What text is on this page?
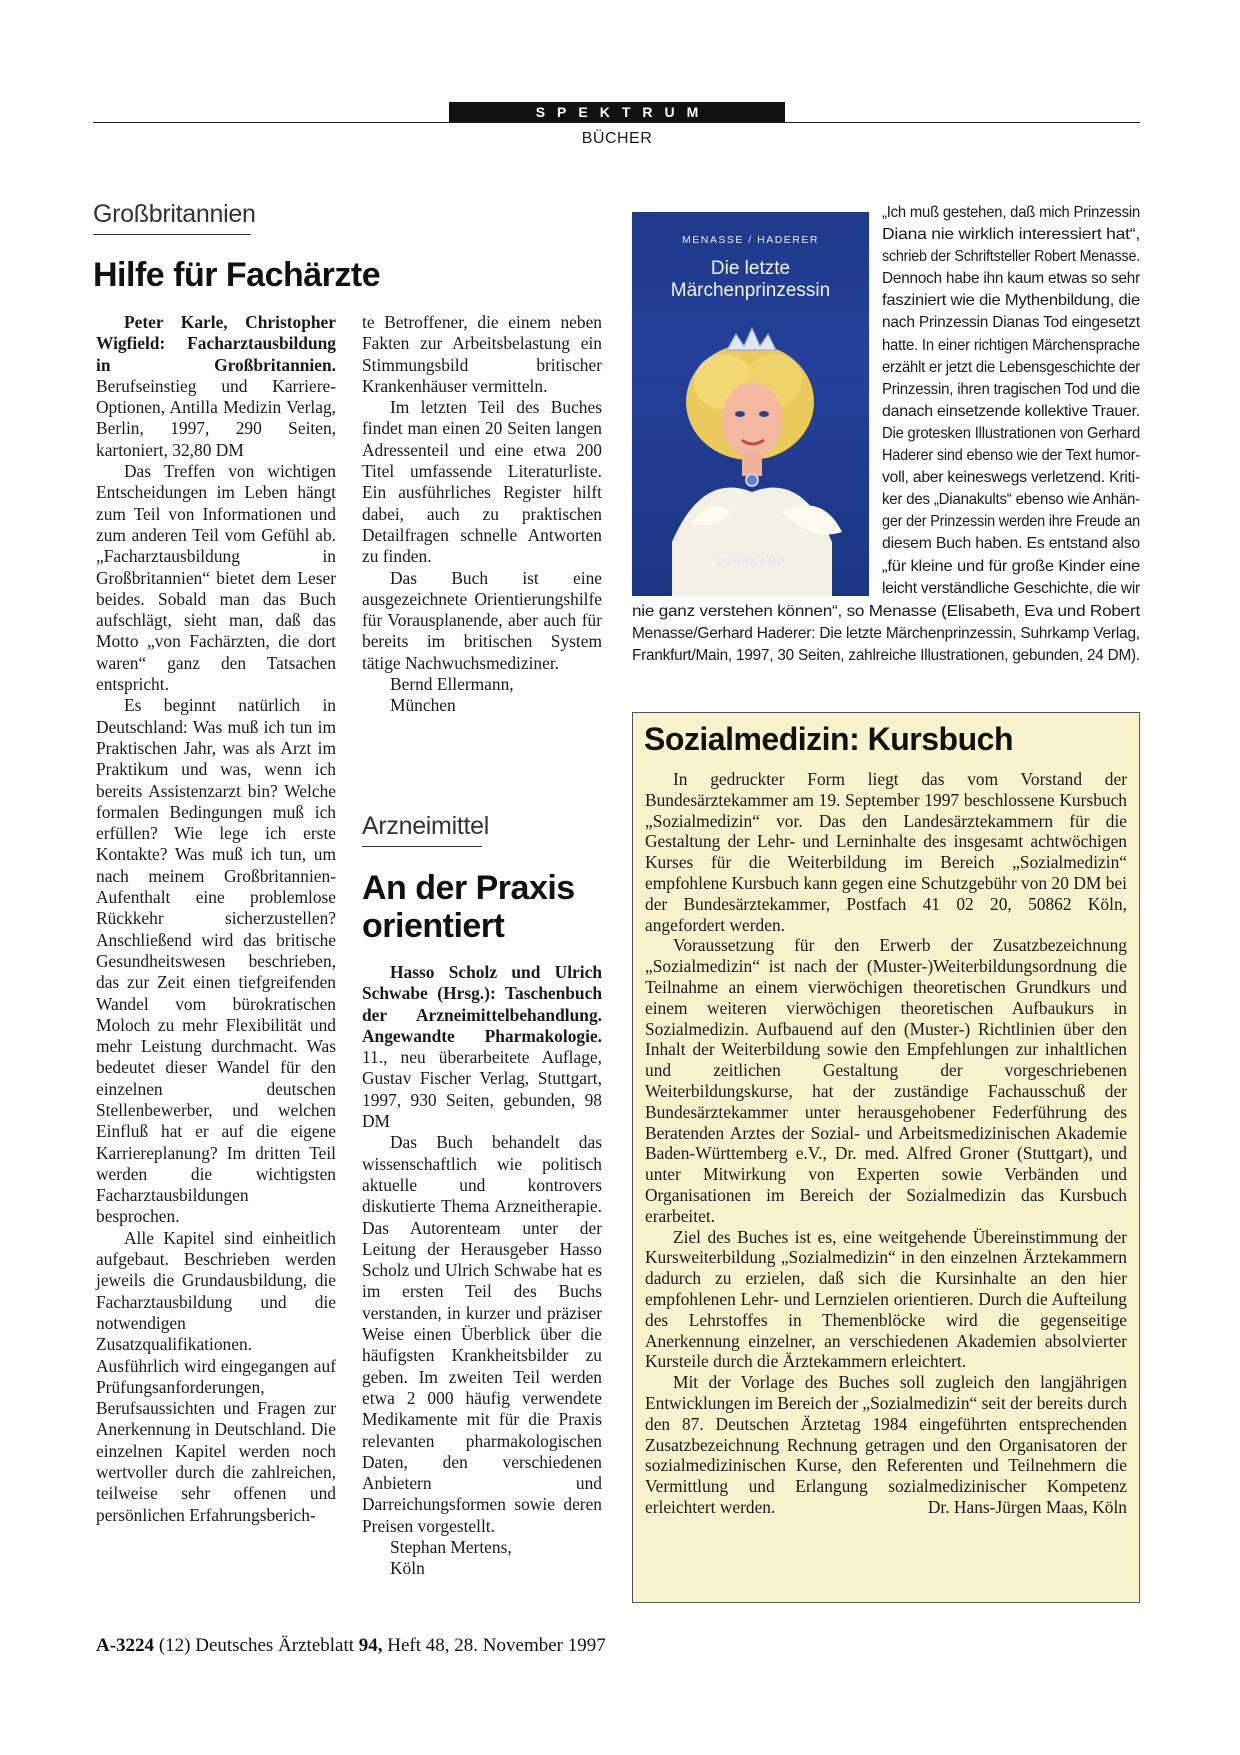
SPEKTRUM
BÜCHER
Großbritannien
Hilfe für Fachärzte

Peter Karle, Christopher Wigfield: Facharztausbildung in Großbritannien. Berufseinstieg und Karriere-Optionen, Antilla Medizin Verlag, Berlin, 1997, 290 Seiten, kartoniert, 32,80 DM

Das Treffen von wichtigen Entscheidungen im Leben hängt zum Teil von Informationen und zum anderen Teil vom Gefühl ab. „Facharztausbildung in Großbritannien“ bietet dem Leser beides. Sobald man das Buch aufschlägt, sieht man, daß das Motto „von Fachärzten, die dort waren“ ganz den Tatsachen entspricht.

Es beginnt natürlich in Deutschland: Was muß ich tun im Praktischen Jahr, was als Arzt im Praktikum und was, wenn ich bereits Assistenzarzt bin? Welche formalen Bedingungen muß ich erfüllen? Wie lege ich erste Kontakte? Was muß ich tun, um nach meinem Großbritannien-Aufenthalt eine problemlose Rückkehr sicherzustellen? Anschließend wird das britische Gesundheitswesen beschrieben, das zur Zeit einen tiefgreifenden Wandel vom bürokratischen Moloch zu mehr Flexibilität und mehr Leistung durchmacht. Was bedeutet dieser Wandel für den einzelnen deutschen Stellenbewerber, und welchen Einfluß hat er auf die eigene Karriereplanung? Im dritten Teil werden die wichtigsten Facharztausbildungen besprochen.

Alle Kapitel sind einheitlich aufgebaut. Beschrieben werden jeweils die Grundausbildung, die Facharztausbildung und die notwendigen Zusatzqualifikationen. Ausführlich wird eingegangen auf Prüfungsanforderungen, Berufsaussichten und Fragen zur Anerkennung in Deutschland. Die einzelnen Kapitel werden noch wertvoller durch die zahlreichen, teilweise sehr offenen und persönlichen Erfahrungsberich-

te Betroffener, die einem neben Fakten zur Arbeitsbelastung ein Stimmungsbild britischer Krankenhäuser vermitteln.

Im letzten Teil des Buches findet man einen 20 Seiten langen Adressenteil und eine etwa 200 Titel umfassende Literaturliste. Ein ausführliches Register hilft dabei, auch zu praktischen Detailfragen schnelle Antworten zu finden.

Das Buch ist eine ausgezeichnete Orientierungshilfe für Vorausplanende, aber auch für bereits im britischen System tätige Nachwuchsmediziner.

Bernd Ellermann,

München

Arzneimittel
An der Praxis
orientiert

Hasso Scholz und Ulrich Schwabe (Hrsg.): Taschenbuch der Arzneimittelbehandlung. Angewandte Pharmakologie. 11., neu überarbeitete Auflage, Gustav Fischer Verlag, Stuttgart, 1997, 930 Seiten, gebunden, 98 DM

Das Buch behandelt das wissenschaftlich wie politisch aktuelle und kontrovers diskutierte Thema Arzneitherapie. Das Autorenteam unter der Leitung der Herausgeber Hasso Scholz und Ulrich Schwabe hat es im ersten Teil des Buchs verstanden, in kurzer und präziser Weise einen Überblick über die häufigsten Krankheitsbilder zu geben. Im zweiten Teil werden etwa 2 000 häufig verwendete Medikamente mit für die Praxis relevanten pharmakologischen Daten, den verschiedenen Anbietern und Darreichungsformen sowie deren Preisen vorgestellt.

Stephan Mertens,

Köln

MENASSE / HADERER
Die letzte
Märchenprinzessin
SUHRKAMP
„Ich muß gestehen, daß mich Prinzessin
Diana nie wirklich interessiert hat“,
schrieb der Schriftsteller Robert Menasse.
Dennoch habe ihn kaum etwas so sehr
fasziniert wie die Mythenbildung, die
nach Prinzessin Dianas Tod eingesetzt
hatte. In einer richtigen Märchensprache
erzählt er jetzt die Lebensgeschichte der
Prinzessin, ihren tragischen Tod und die
danach einsetzende kollektive Trauer.
Die grotesken Illustrationen von Gerhard
Haderer sind ebenso wie der Text humor-
voll, aber keineswegs verletzend. Kriti-
ker des „Dianakults“ ebenso wie Anhän-
ger der Prinzessin werden ihre Freude an
diesem Buch haben. Es entstand also
„für kleine und für große Kinder eine
leicht verständliche Geschichte, die wir
nie ganz verstehen können“, so Menasse (Elisabeth, Eva und Robert
Menasse/Gerhard Haderer: Die letzte Märchenprinzessin, Suhrkamp Verlag,
Frankfurt/Main, 1997, 30 Seiten, zahlreiche Illustrationen, gebunden, 24 DM).
Sozialmedizin: Kursbuch

In gedruckter Form liegt das vom Vorstand der Bundesärztekammer am 19. September 1997 beschlossene Kursbuch „Sozialmedizin“ vor. Das den Landesärztekammern für die Gestaltung der Lehr- und Lerninhalte des insgesamt achtwöchigen Kurses für die Weiterbildung im Bereich „Sozialmedizin“ empfohlene Kursbuch kann gegen eine Schutzgebühr von 20 DM bei der Bundesärztekammer, Postfach 41 02 20, 50862 Köln, angefordert werden.

Voraussetzung für den Erwerb der Zusatzbezeichnung „Sozialmedizin“ ist nach der (Muster-)Weiterbildungsordnung die Teilnahme an einem vierwöchigen theoretischen Grundkurs und einem weiteren vierwöchigen theoretischen Aufbaukurs in Sozialmedizin. Aufbauend auf den (Muster-) Richtlinien über den Inhalt der Weiterbildung sowie den Empfehlungen zur inhaltlichen und zeitlichen Gestaltung der vorgeschriebenen Weiterbildungskurse, hat der zuständige Fachausschuß der Bundesärztekammer unter herausgehobener Federführung des Beratenden Arztes der Sozial- und Arbeitsmedizinischen Akademie Baden-Württemberg e.V., Dr. med. Alfred Groner (Stuttgart), und unter Mitwirkung von Experten sowie Verbänden und Organisationen im Bereich der Sozialmedizin das Kursbuch erarbeitet.

Ziel des Buches ist es, eine weitgehende Übereinstimmung der Kursweiterbildung „Sozialmedizin“ in den einzelnen Ärztekammern dadurch zu erzielen, daß sich die Kursinhalte an den hier empfohlenen Lehr- und Lernzielen orientieren. Durch die Aufteilung des Lehrstoffes in Themenblöcke wird die gegenseitige Anerkennung einzelner, an verschiedenen Akademien absolvierter Kursteile durch die Ärztekammern erleichtert.

Mit der Vorlage des Buches soll zugleich den langjährigen Entwicklungen im Bereich der „Sozialmedizin“ seit der bereits durch den 87. Deutschen Ärztetag 1984 eingeführten entsprechenden Zusatzbezeichnung Rechnung getragen und den Organisatoren der sozialmedizinischen Kurse, den Referenten und Teilnehmern die Vermittlung und Erlangung sozialmedizinischer Kompetenz erleichtert werden.	Dr. Hans-Jürgen Maas, Köln

A-3224 (12) Deutsches Ärzteblatt 94, Heft 48, 28. November 1997
